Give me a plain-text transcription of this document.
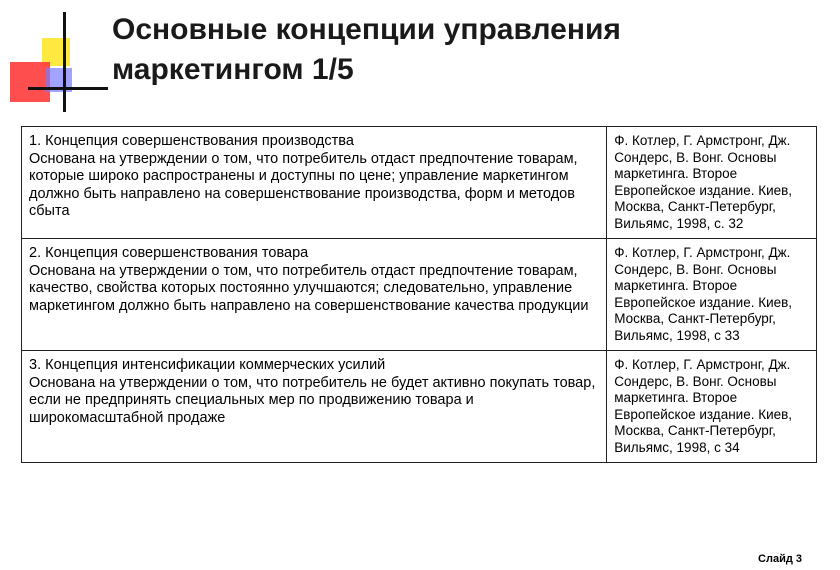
Основные концепции управления
маркетингом 1/5
1. Концепция совершенствования производства
Основана на утверждении о том, что потребитель отдаст предпочтение товарам, которые широко распространены и доступны по цене; управление маркетингом должно быть направлено на совершенствование производства, форм и методов сбыта	Ф. Котлер, Г. Армстронг, Дж. Сондерс, В. Вонг. Основы маркетинга. Второе Европейское издание. Киев, Москва, Санкт-Петербург, Вильямс, 1998, с. 32

2. Концепция совершенствования товара
Основана на утверждении о том, что потребитель отдаст предпочтение товарам, качество, свойства которых постоянно улучшаются; следовательно, управление маркетингом должно быть направлено на совершенствование качества продукции	Ф. Котлер, Г. Армстронг, Дж. Сондерс, В. Вонг. Основы маркетинга. Второе Европейское издание. Киев, Москва, Санкт-Петербург, Вильямс, 1998, с 33

3. Концепция интенсификации коммерческих усилий
Основана на утверждении о том, что потребитель не будет активно покупать товар, если не предпринять специальных мер по продвижению товара и широкомасштабной продаже	Ф. Котлер, Г. Армстронг, Дж. Сондерс, В. Вонг. Основы маркетинга. Второе Европейское издание. Киев, Москва, Санкт-Петербург, Вильямс, 1998, с 34
Слайд 3
